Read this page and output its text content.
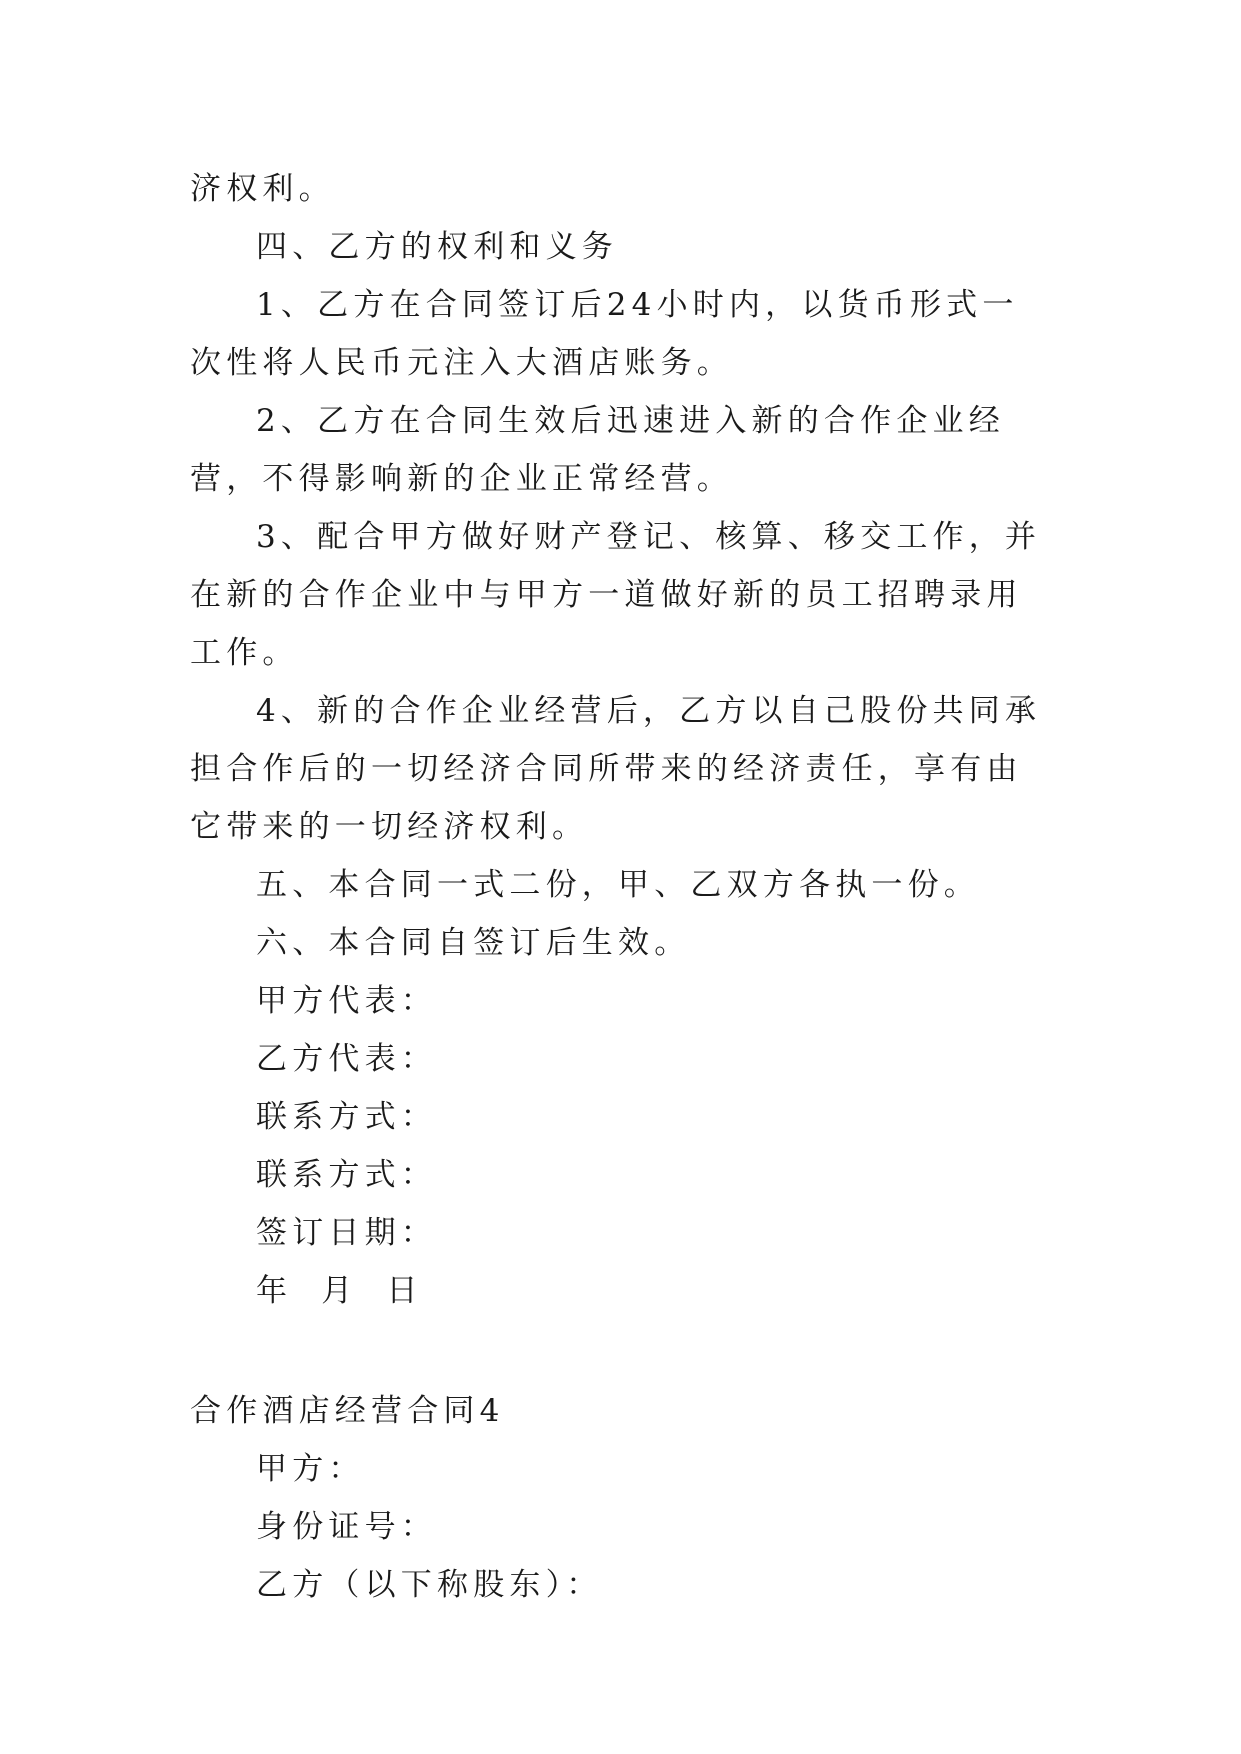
济权利。

四、乙方的权利和义务

1、乙方在合同签订后24小时内，以货币形式一次性将人民币元注入大酒店账务。

2、乙方在合同生效后迅速进入新的合作企业经营，不得影响新的企业正常经营。

3、配合甲方做好财产登记、核算、移交工作，并在新的合作企业中与甲方一道做好新的员工招聘录用工作。

4、新的合作企业经营后，乙方以自己股份共同承担合作后的一切经济合同所带来的经济责任，享有由它带来的一切经济权利。

五、本合同一式二份，甲、乙双方各执一份。

六、本合同自签订后生效。

甲方代表：

乙方代表：

联系方式：

联系方式：

签订日期：

年 月 日

合作酒店经营合同4

甲方：

身份证号：

乙方（以下称股东）：
